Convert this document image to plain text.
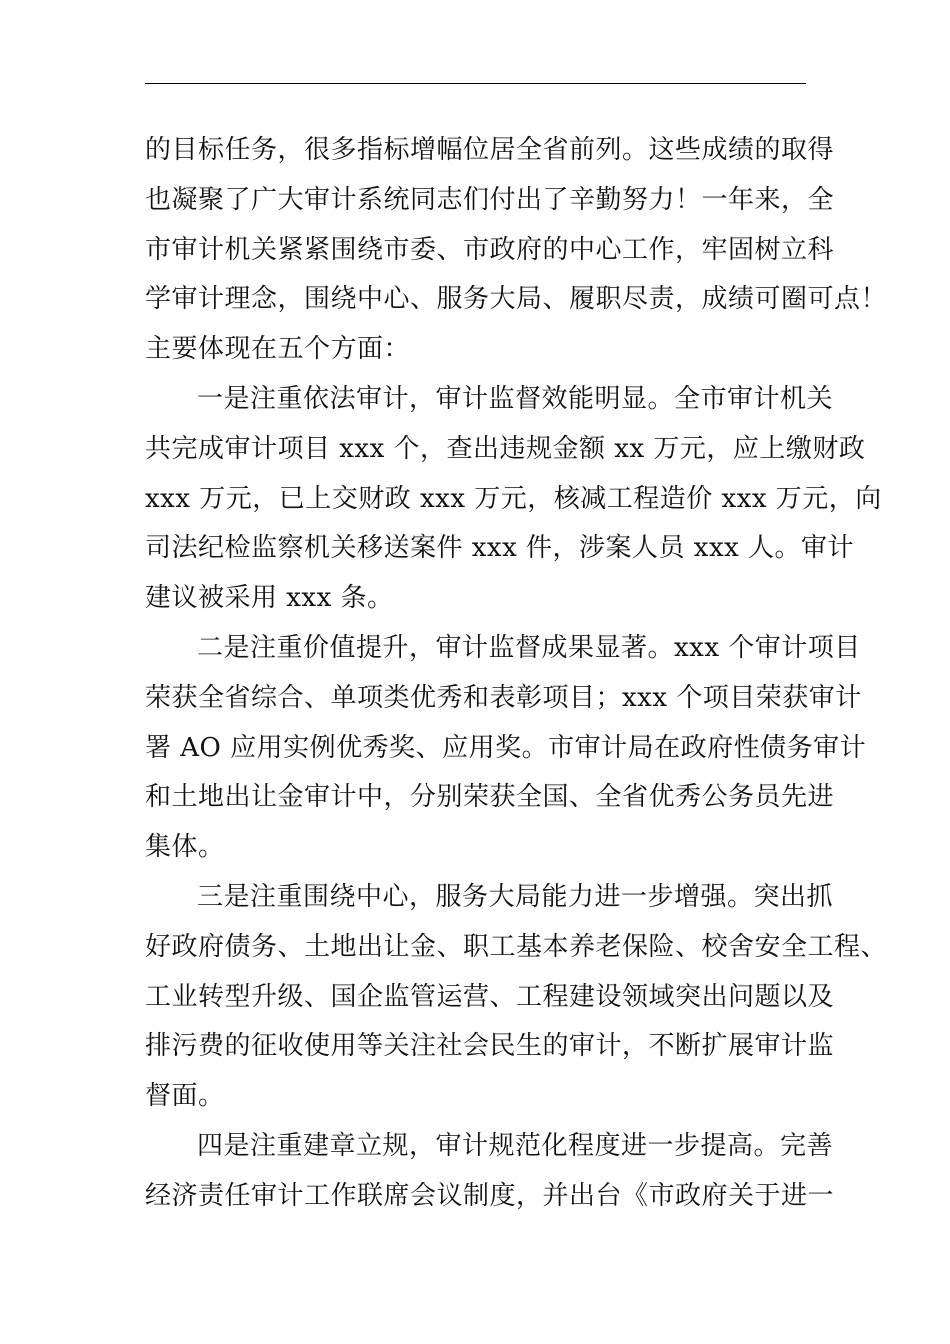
的目标任务，很多指标增幅位居全省前列。这些成绩的取得
也凝聚了广大审计系统同志们付出了辛勤努力！一年来，全
市审计机关紧紧围绕市委、市政府的中心工作，牢固树立科
学审计理念，围绕中心、服务大局、履职尽责，成绩可圈可点！
主要体现在五个方面：
一是注重依法审计，审计监督效能明显。全市审计机关
共完成审计项目 xxx 个，查出违规金额 xx 万元，应上缴财政
xxx 万元，已上交财政 xxx 万元，核减工程造价 xxx 万元，向
司法纪检监察机关移送案件 xxx 件，涉案人员 xxx 人。审计
建议被采用 xxx 条。
二是注重价值提升，审计监督成果显著。xxx 个审计项目
荣获全省综合、单项类优秀和表彰项目；xxx 个项目荣获审计
署 AO 应用实例优秀奖、应用奖。市审计局在政府性债务审计
和土地出让金审计中，分别荣获全国、全省优秀公务员先进
集体。
三是注重围绕中心，服务大局能力进一步增强。突出抓
好政府债务、土地出让金、职工基本养老保险、校舍安全工程、
工业转型升级、国企监管运营、工程建设领域突出问题以及
排污费的征收使用等关注社会民生的审计，不断扩展审计监
督面。
四是注重建章立规，审计规范化程度进一步提高。完善
经济责任审计工作联席会议制度，并出台《市政府关于进一
